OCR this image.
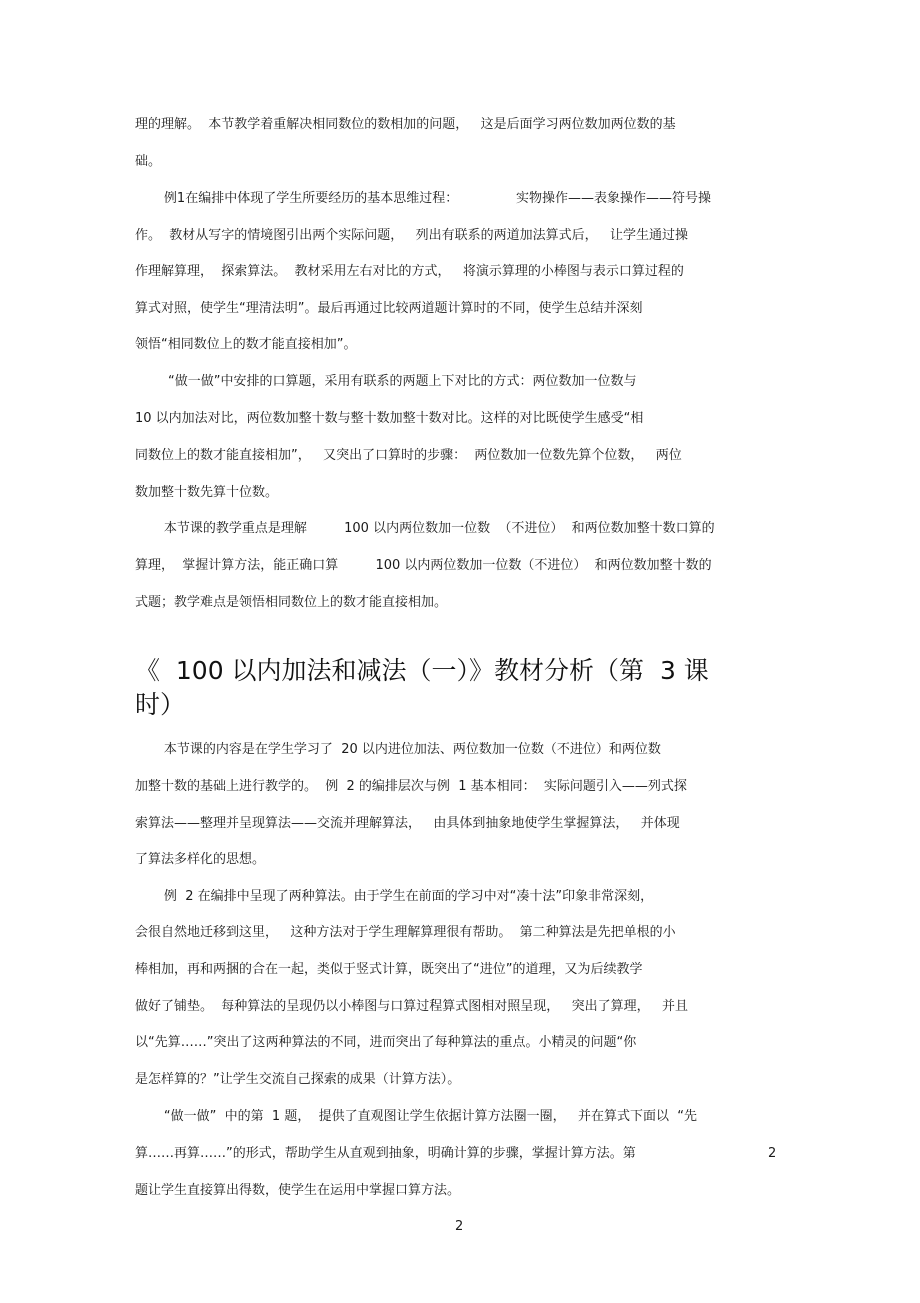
理的理解。  本节教学着重解决相同数位的数相加的问题，   这是后面学习两位数加两位数的基
础。
例1在编排中体现了学生所要经历的基本思维过程：              实物操作——表象操作——符号操
作。  教材从写字的情境图引出两个实际问题，   列出有联系的两道加法算式后，   让学生通过操
作理解算理，  探索算法。  教材采用左右对比的方式，   将演示算理的小棒图与表示口算过程的
算式对照，使学生“理清法明”。最后再通过比较两道题计算时的不同，使学生总结并深刻
领悟“相同数位上的数才能直接相加”。
“做一做”中安排的口算题，采用有联系的两题上下对比的方式：两位数加一位数与
10 以内加法对比，两位数加整十数与整十数加整十数对比。这样的对比既使学生感受“相
同数位上的数才能直接相加”，   又突出了口算时的步骤：  两位数加一位数先算个位数，   两位
数加整十数先算十位数。
本节课的教学重点是理解         100 以内两位数加一位数  （不进位）  和两位数加整十数口算的
算理，  掌握计算方法，能正确口算         100 以内两位数加一位数（不进位）  和两位数加整十数的
式题；教学难点是领悟相同数位上的数才能直接相加。
《  100 以内加法和减法（一）》教材分析（第  3 课
时）
本节课的内容是在学生学习了  20 以内进位加法、两位数加一位数（不进位）和两位数
加整十数的基础上进行教学的。  例  2 的编排层次与例  1 基本相同：  实际问题引入——列式探
索算法——整理并呈现算法——交流并理解算法，   由具体到抽象地使学生掌握算法，   并体现
了算法多样化的思想。
例  2 在编排中呈现了两种算法。由于学生在前面的学习中对“凑十法”印象非常深刻，
会很自然地迁移到这里，   这种方法对于学生理解算理很有帮助。  第二种算法是先把单根的小
棒相加，再和两捆的合在一起，类似于竖式计算，既突出了“进位”的道理，又为后续教学
做好了铺垫。  每种算法的呈现仍以小棒图与口算过程算式图相对照呈现，   突出了算理，   并且
以“先算……”突出了这两种算法的不同，进而突出了每种算法的重点。小精灵的问题“你
是怎样算的？”让学生交流自己探索的成果（计算方法）。
“做一做”  中的第  1 题，  提供了直观图让学生依据计算方法圈一圈，   并在算式下面以  “先
算……再算……”的形式，帮助学生从直观到抽象，明确计算的步骤，掌握计算方法。第
题让学生直接算出得数，使学生在运用中掌握口算方法。
2
2
